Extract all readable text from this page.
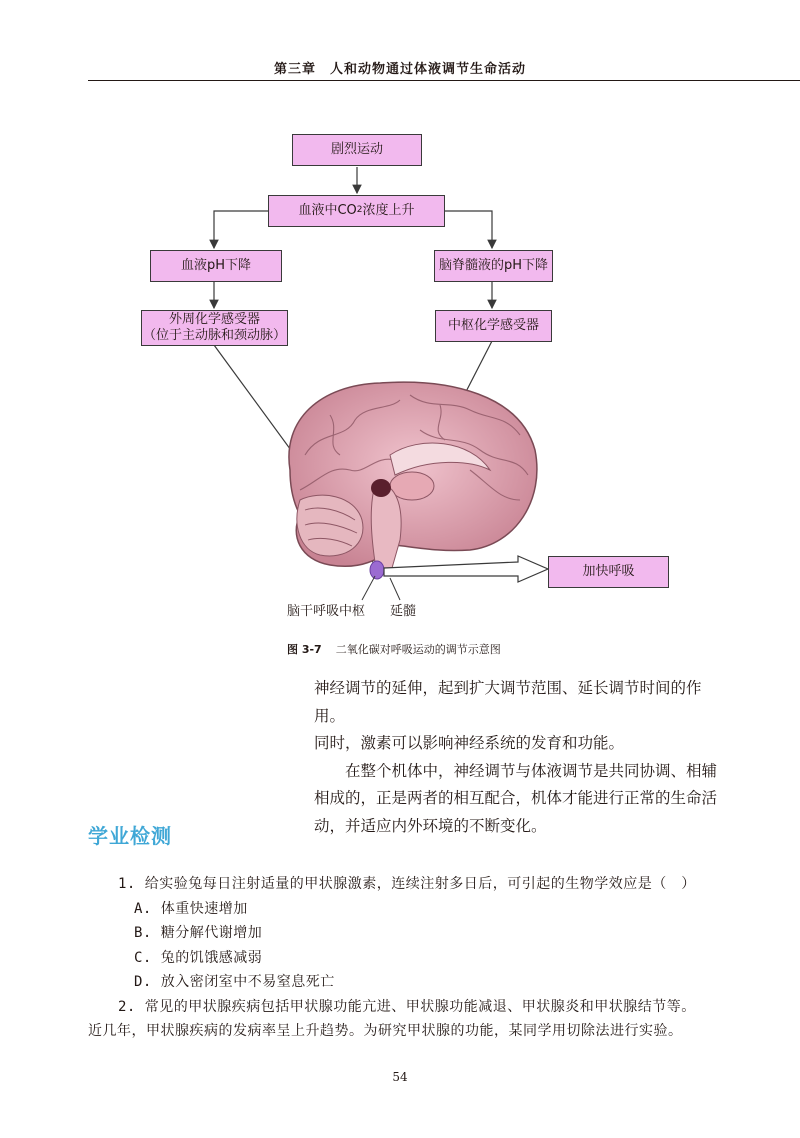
第三章　人和动物通过体液调节生命活动
剧烈运动
血液中CO 2 浓度上升
血液pH下降	脑脊髓液的pH下降
外周化学感受器
（位于主动脉和颈动脉）
中枢化学感受器
加快呼吸
脑干呼吸中枢 延髓
图 3-7 二氧化碳对呼吸运动的调节示意图

神经调节的延伸，起到扩大调节范围、延长调节时间的作用。

同时，激素可以影响神经系统的发育和功能。

在整个机体中，神经调节与体液调节是共同协调、相辅相成的，正是两者的相互配合，机体才能进行正常的生命活动，并适应内外环境的不断变化。

学业检测

1. 给实验兔每日注射适量的甲状腺激素，连续注射多日后，可引起的生物学效应是（　）

A. 体重快速增加

B. 糖分解代谢增加

C. 兔的饥饿感减弱

D. 放入密闭室中不易窒息死亡

2. 常见的甲状腺疾病包括甲状腺功能亢进、甲状腺功能减退、甲状腺炎和甲状腺结节等。

近几年，甲状腺疾病的发病率呈上升趋势。为研究甲状腺的功能，某同学用切除法进行实验。

54
